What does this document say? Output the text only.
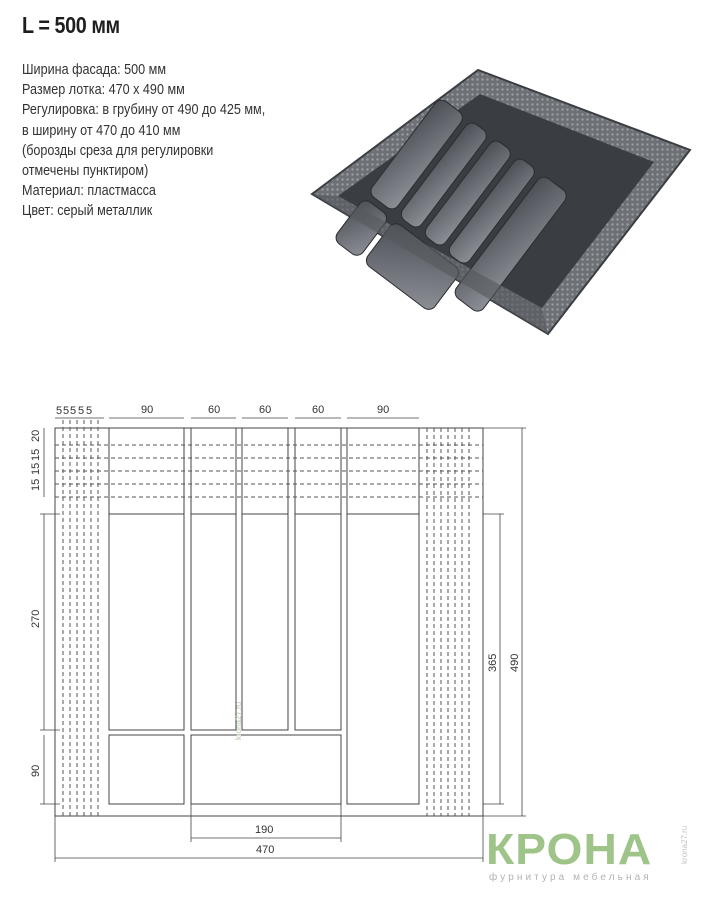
L = 500 мм
Ширина фасада: 500 мм
Размер лотка: 470 х 490 мм
Регулировка: в грубину от 490 до 425 мм,
в ширину от 470 до 410 мм
(борозды среза для регулировки
отмечены пунктиром)
Материал: пластмасса
Цвет: серый металлик
5 5 5 5 5	90	60	60	60	90
20
15
15
15
270
90
365 490
190
470
krona27.ru
КРОНА
фурнитура мебельная
krona27.ru
